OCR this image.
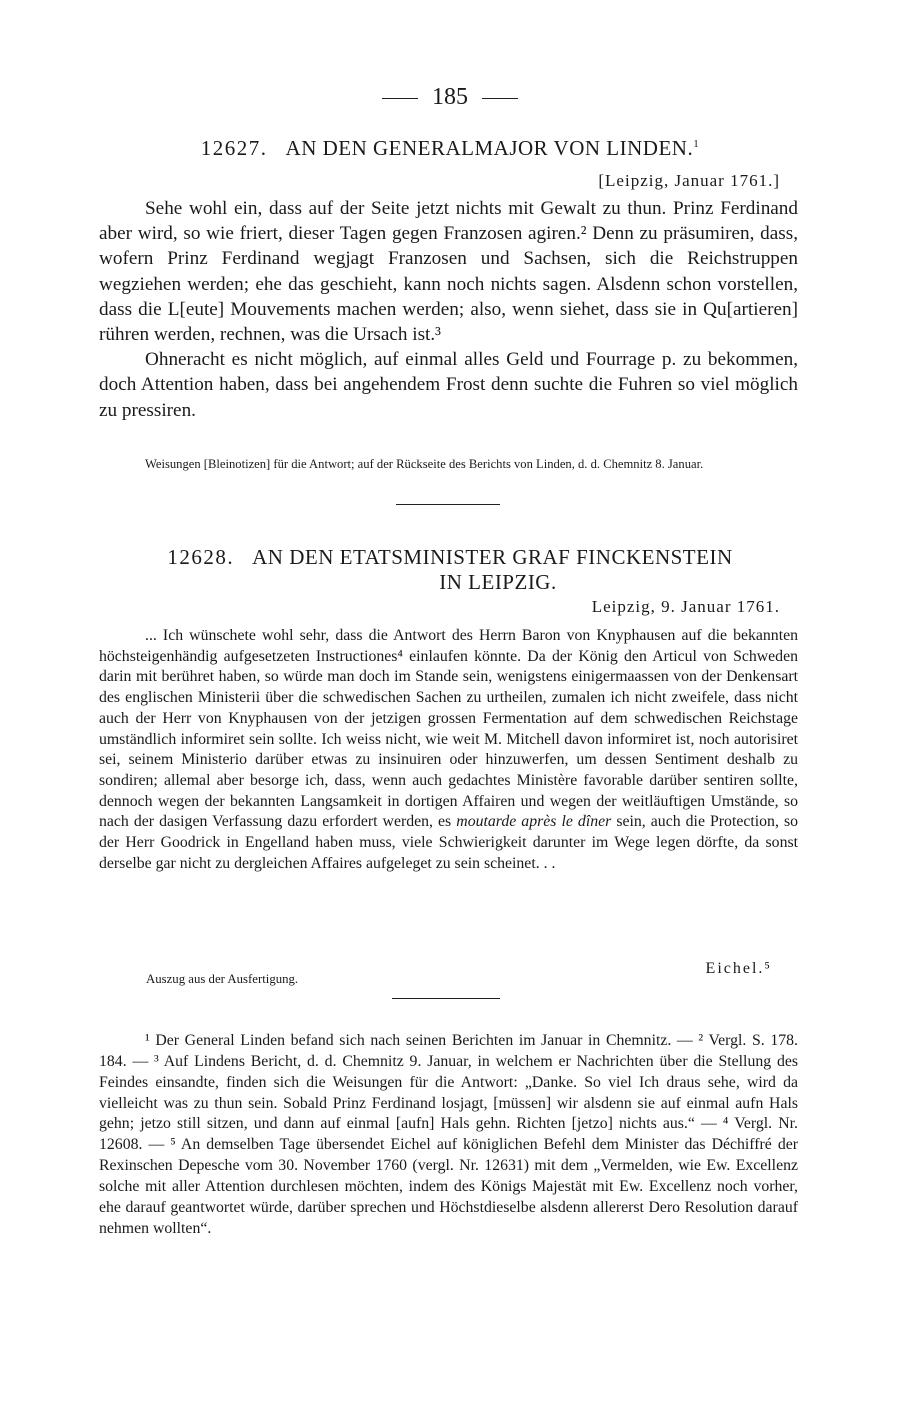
185
12627. AN DEN GENERALMAJOR VON LINDEN.$^1$
[Leipzig, Januar 1761.]

Sehe wohl ein, dass auf der Seite jetzt nichts mit Gewalt zu thun. Prinz Ferdinand aber wird, so wie friert, dieser Tagen gegen Franzosen agiren.² Denn zu präsumiren, dass, wofern Prinz Ferdinand wegjagt Franzosen und Sachsen, sich die Reichstruppen wegziehen werden; ehe das geschieht, kann noch nichts sagen. Alsdenn schon vorstellen, dass die L[eute] Mouvements machen werden; also, wenn siehet, dass sie in Qu[artieren] rühren werden, rechnen, was die Ursach ist.³

Ohneracht es nicht möglich, auf einmal alles Geld und Fourrage p. zu bekommen, doch Attention haben, dass bei angehendem Frost denn suchte die Fuhren so viel möglich zu pressiren.

Weisungen [Bleinotizen] für die Antwort; auf der Rückseite des Berichts von Linden, d. d. Chemnitz 8. Januar.
12628. AN DEN ETATSMINISTER GRAF FINCKENSTEIN
IN LEIPZIG.
Leipzig, 9. Januar 1761.

... Ich wünschete wohl sehr, dass die Antwort des Herrn Baron von Knyphausen auf die bekannten höchsteigenhändig aufgesetzeten Instructiones⁴ einlaufen könnte. Da der König den Articul von Schweden darin mit berühret haben, so würde man doch im Stande sein, wenigstens einigermaassen von der Denkensart des englischen Ministerii über die schwedischen Sachen zu urtheilen, zumalen ich nicht zweifele, dass nicht auch der Herr von Knyphausen von der jetzigen grossen Fermentation auf dem schwedischen Reichstage umständlich informiret sein sollte. Ich weiss nicht, wie weit M. Mitchell davon informiret ist, noch autorisiret sei, seinem Ministerio darüber etwas zu insinuiren oder hinzuwerfen, um dessen Sentiment deshalb zu sondiren; allemal aber besorge ich, dass, wenn auch gedachtes Ministère favorable darüber sentiren sollte, dennoch wegen der bekannten Langsamkeit in dortigen Affairen und wegen der weitläuftigen Umstände, so nach der dasigen Verfassung dazu erfordert werden, es moutarde après le dîner sein, auch die Protection, so der Herr Goodrick in Engelland haben muss, viele Schwierigkeit darunter im Wege legen dörfte, da sonst derselbe gar nicht zu dergleichen Affaires aufgeleget zu sein scheinet. . .

Eichel.⁵
Auszug aus der Ausfertigung.

¹ Der General Linden befand sich nach seinen Berichten im Januar in Chemnitz. — ² Vergl. S. 178. 184. — ³ Auf Lindens Bericht, d. d. Chemnitz 9. Januar, in welchem er Nachrichten über die Stellung des Feindes einsandte, finden sich die Weisungen für die Antwort: „Danke. So viel Ich draus sehe, wird da vielleicht was zu thun sein. Sobald Prinz Ferdinand losjagt, [müssen] wir alsdenn sie auf einmal aufn Hals gehn; jetzo still sitzen, und dann auf einmal [aufn] Hals gehn. Richten [jetzo] nichts aus.“ — ⁴ Vergl. Nr. 12608. — ⁵ An demselben Tage übersendet Eichel auf königlichen Befehl dem Minister das Déchiffré der Rexinschen Depesche vom 30. November 1760 (vergl. Nr. 12631) mit dem „Vermelden, wie Ew. Excellenz solche mit aller Attention durchlesen möchten, indem des Königs Majestät mit Ew. Excellenz noch vorher, ehe darauf geantwortet würde, darüber sprechen und Höchstdieselbe alsdenn allererst Dero Resolution darauf nehmen wollten“.
